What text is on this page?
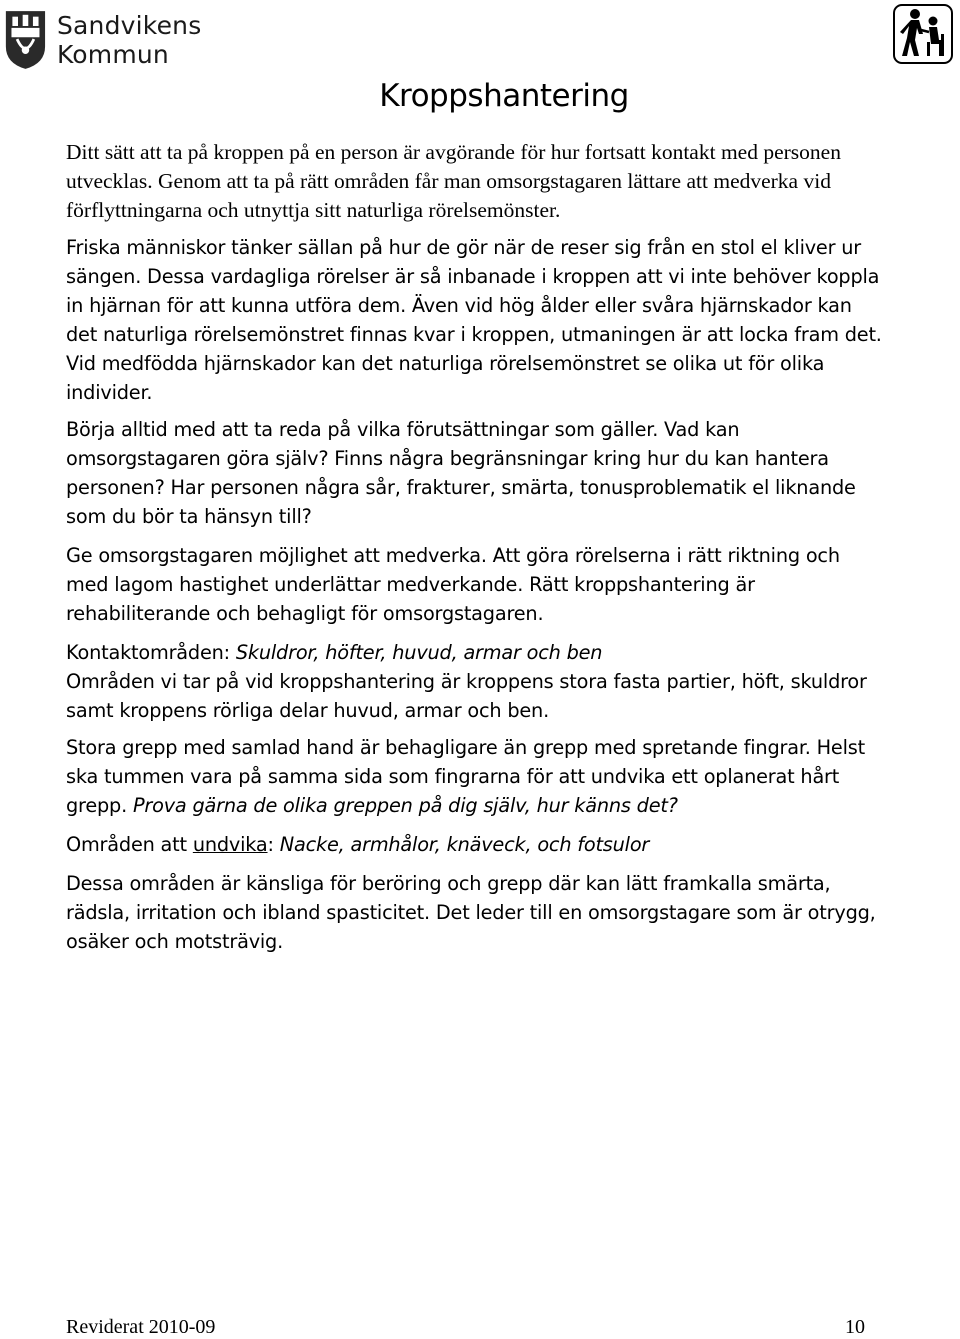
Sandvikens Kommun
Kroppshantering

Ditt sätt att ta på kroppen på en person är avgörande för hur fortsatt kontakt med personen utvecklas. Genom att ta på rätt områden får man omsorgstagaren lättare att medverka vid förflyttningarna och utnyttja sitt naturliga rörelsemönster.

Friska människor tänker sällan på hur de gör när de reser sig från en stol el kliver ur sängen. Dessa vardagliga rörelser är så inbanade i kroppen att vi inte behöver koppla in hjärnan för att kunna utföra dem. Även vid hög ålder eller svåra hjärnskador kan det naturliga rörelsemönstret finnas kvar i kroppen, utmaningen är att locka fram det. Vid medfödda hjärnskador kan det naturliga rörelsemönstret se olika ut för olika individer.

Börja alltid med att ta reda på vilka förutsättningar som gäller. Vad kan omsorgstagaren göra själv? Finns några begränsningar kring hur du kan hantera personen? Har personen några sår, frakturer, smärta, tonusproblematik el liknande som du bör ta hänsyn till?

Ge omsorgstagaren möjlighet att medverka. Att göra rörelserna i rätt riktning och med lagom hastighet underlättar medverkande. Rätt kroppshantering är rehabiliterande och behagligt för omsorgstagaren.

Kontaktområden: Skuldror, höfter, huvud, armar och ben

Områden vi tar på vid kroppshantering är kroppens stora fasta partier, höft, skuldror samt kroppens rörliga delar huvud, armar och ben.

Stora grepp med samlad hand är behagligare än grepp med spretande fingrar. Helst ska tummen vara på samma sida som fingrarna för att undvika ett oplanerat hårt grepp. Prova gärna de olika greppen på dig själv, hur känns det?

Områden att undvika: Nacke, armhålor, knäveck, och fotsulor

Dessa områden är känsliga för beröring och grepp där kan lätt framkalla smärta, rädsla, irritation och ibland spasticitet. Det leder till en omsorgstagare som är otrygg, osäker och motsträvig.

Reviderat 2010-09	10
